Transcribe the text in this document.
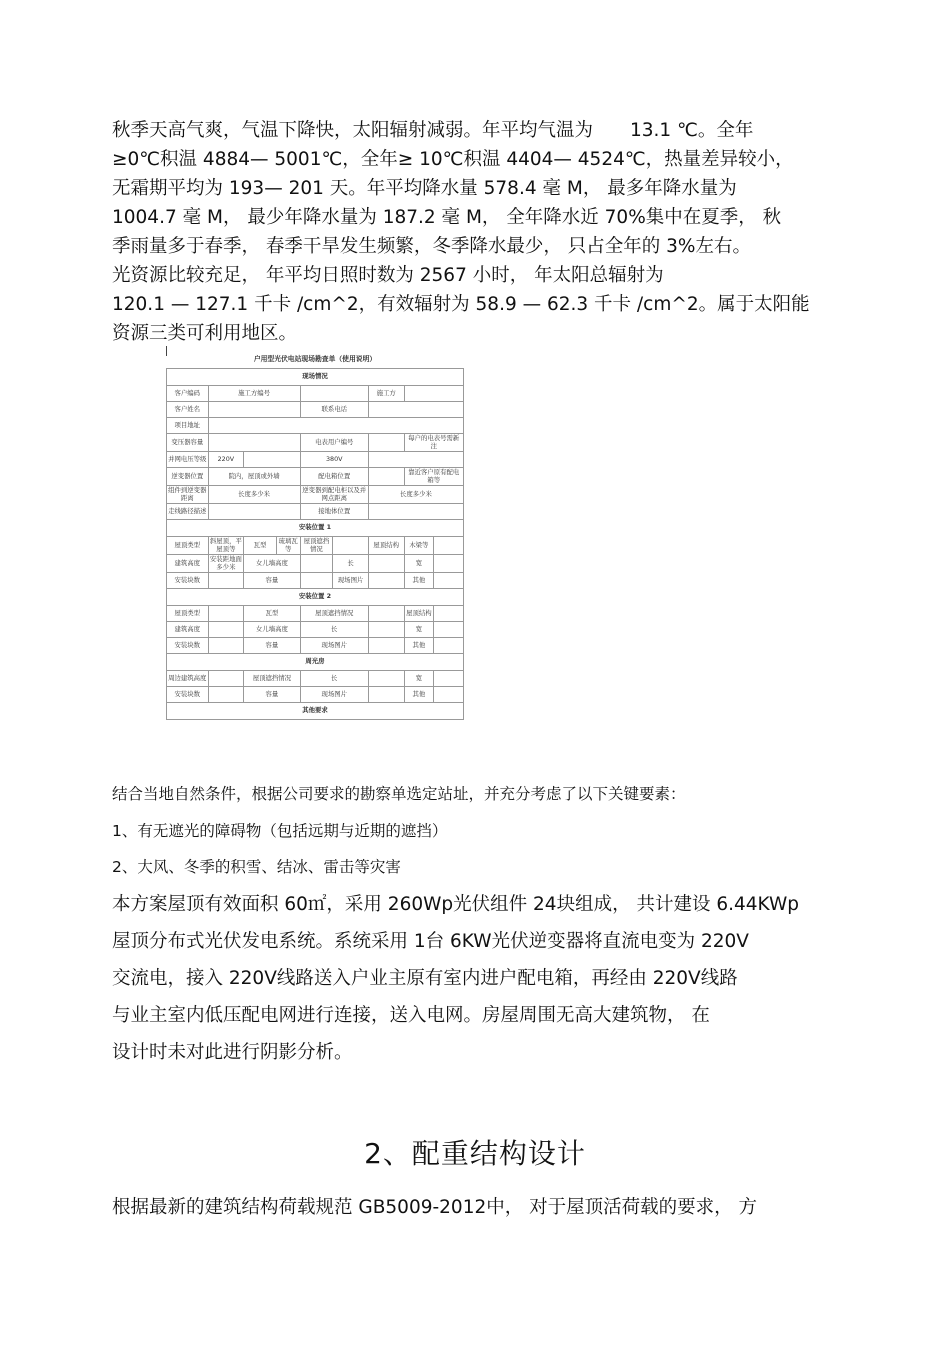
秋季天高气爽，气温下降快，太阳辐射减弱。年平均气温为　　13.1 ℃。全年
≥0℃积温 4884— 5001℃，全年≥ 10℃积温 4404— 4524℃，热量差异较小，
无霜期平均为 193— 201 天。年平均降水量 578.4 毫 M， 最多年降水量为
1004.7 毫 M， 最少年降水量为 187.2 毫 M， 全年降水近 70%集中在夏季， 秋
季雨量多于春季， 春季干旱发生频繁，冬季降水最少， 只占全年的 3%左右。
光资源比较充足， 年平均日照时数为 2567 小时， 年太阳总辐射为
120.1 — 127.1 千卡 /cm^2，有效辐射为 58.9 — 62.3 千卡 /cm^2。属于太阳能
资源三类可利用地区。
户用型光伏电站现场勘查单（使用说明）								
现场情况								
客户编码	施工方编号					施工方		
客户姓名				联系电话				
项目地址								
变压器容量				电表用户编号			每户的电表号需新注	
并网电压等级	220V			380V				
逆变器位置	院内，屋顶或外墙			配电箱位置			靠近客户原有配电箱等	
组件到逆变器距离	长度多少米			逆变器到配电柜以及并网点距离		长度多少米		
走线路径描述				接地体位置				
安装位置 1								
屋顶类型	斜屋顶，平屋顶等	瓦型	琉璃瓦等	屋顶遮挡情况		屋顶结构	木梁等	
建筑高度	安装距地面多少米	女儿墙高度			长		宽	
安装块数		容量			现场图片		其他	
安装位置 2								
屋顶类型		瓦型		屋顶遮挡情况			屋顶结构	
建筑高度		女儿墙高度		长			宽	
安装块数		容量		现场图片			其他	
周光房								
周边建筑高度		屋顶遮挡情况		长			宽	
安装块数		容量		现场图片			其他	
其他要求								
结合当地自然条件，根据公司要求的勘察单选定站址，并充分考虑了以下关键要素：
1、有无遮光的障碍物（包括远期与近期的遮挡）
2、大风、冬季的积雪、结冰、雷击等灾害
本方案屋顶有效面积 60㎡，采用 260Wp光伏组件 24块组成， 共计建设 6.44KWp
屋顶分布式光伏发电系统。系统采用 1台 6KW光伏逆变器将直流电变为 220V
交流电，接入 220V线路送入户业主原有室内进户配电箱，再经由 220V线路
与业主室内低压配电网进行连接，送入电网。房屋周围无高大建筑物， 在
设计时未对此进行阴影分析。
2、配重结构设计
根据最新的建筑结构荷载规范 GB5009-2012中， 对于屋顶活荷载的要求， 方
